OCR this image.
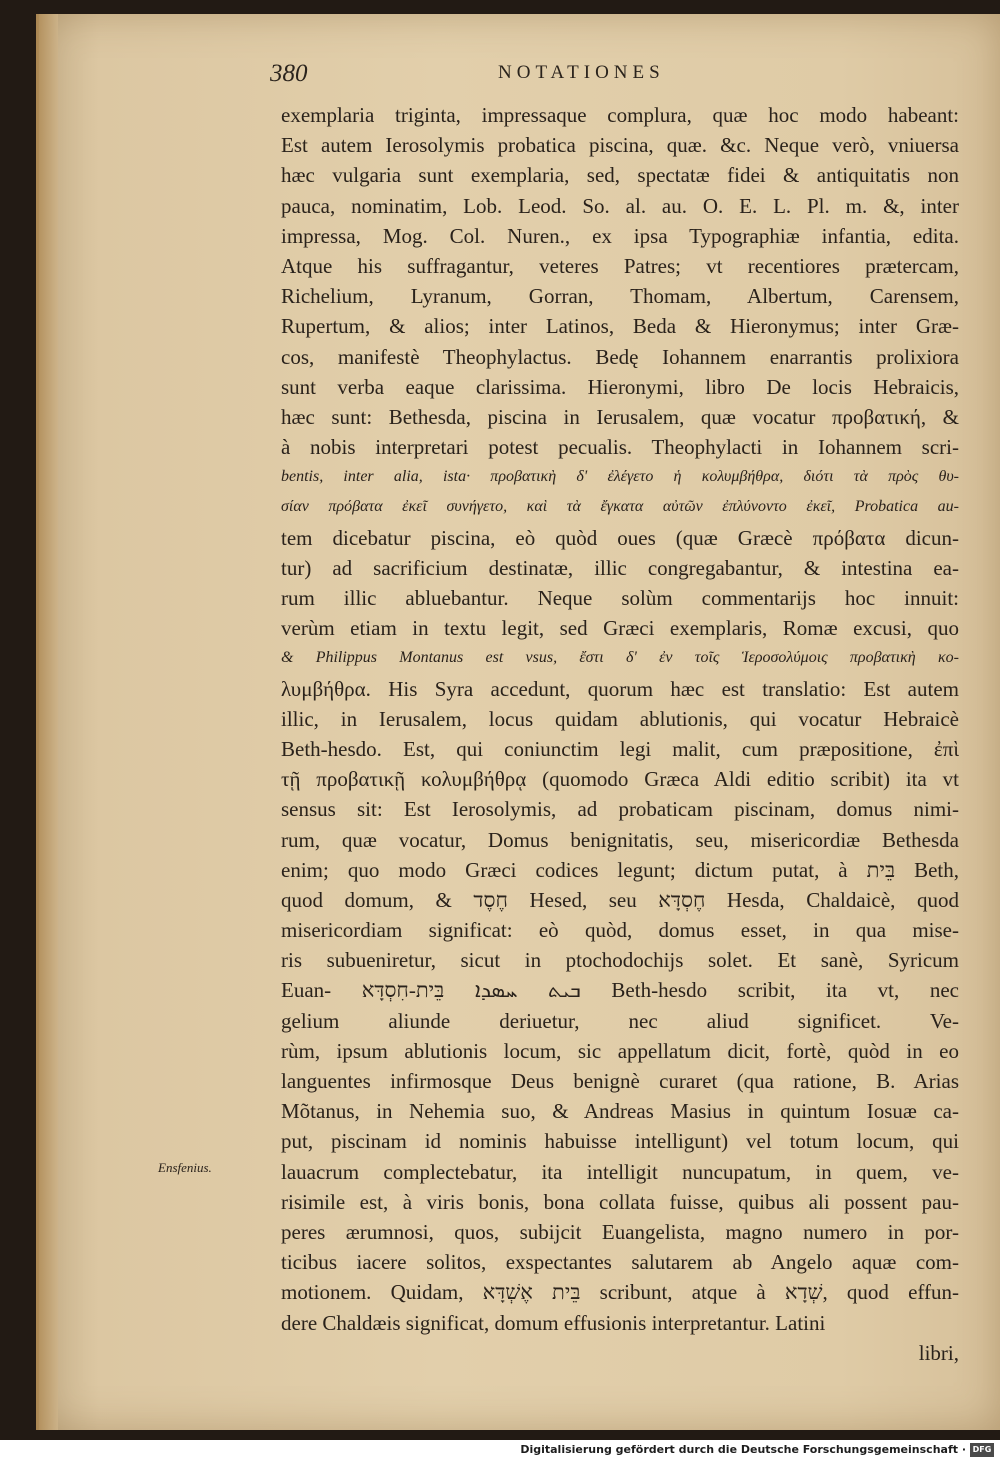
380	NOTATIONES
exemplaria triginta, impressaque complura, quæ hoc modo habeant:
Est autem Ierosolymis probatica piscina, quæ. &c. Neque verò, vniuersa
hæc vulgaria sunt exemplaria, sed, spectatæ fidei & antiquitatis non
pauca, nominatim, Lob. Leod. So. al. au. O. E. L. Pl. m. &, inter
impressa, Mog. Col. Nuren., ex ipsa Typographiæ infantia, edita.
Atque his suffragantur, veteres Patres; vt recentiores prætercam,
Richelium, Lyranum, Gorran, Thomam, Albertum, Carensem,
Rupertum, & alios; inter Latinos, Beda & Hieronymus; inter Græ-
cos, manifestè Theophylactus. Bedę Iohannem enarrantis prolixiora
sunt verba eaque clarissima. Hieronymi, libro De locis Hebraicis,
hæc sunt: Bethesda, piscina in Ierusalem, quæ vocatur προβατική, &
à nobis interpretari potest pecualis. Theophylacti in Iohannem scri-
bentis, inter alia, ista· προβατικὴ δ' ἐλέγετο ἡ κολυμβήθρα, διότι τὰ πρὸς θυ-
σίαν πρόβατα ἐκεῖ συνήγετο, καὶ τὰ ἔγκατα αὐτῶν ἐπλύνοντο ἐκεῖ, Probatica au-
tem dicebatur piscina, eò quòd oues (quæ Græcè πρόβατα dicun-
tur) ad sacrificium destinatæ, illic congregabantur, & intestina ea-
rum illic abluebantur. Neque solùm commentarijs hoc innuit:
verùm etiam in textu legit, sed Græci exemplaris, Romæ excusi, quo
& Philippus Montanus est vsus, ἔστι δ' ἐν τοῖς Ἱεροσολύμοις προβατικὴ κο-
λυμβήθρα. His Syra accedunt, quorum hæc est translatio: Est autem
illic, in Ierusalem, locus quidam ablutionis, qui vocatur Hebraicè
Beth-hesdo. Est, qui coniunctim legi malit, cum præpositione, ἐπὶ
τῇ προβατικῇ κολυμβήθρᾳ (quomodo Græca Aldi editio scribit) ita vt
sensus sit: Est Ierosolymis, ad probaticam piscinam, domus nimi-
rum, quæ vocatur, Domus benignitatis, seu, misericordiæ Bethesda
enim; quo modo Græci codices legunt; dictum putat, à בֵּית Beth,
quod domum, & חֶסֶד Hesed, seu חֶסְדָּא Hesda, Chaldaicè, quod
misericordiam significat: eò quòd, domus esset, in qua mise-
ris subueniretur, sicut in ptochodochijs solet. Et sanè, Syricum
Euan- ܒܝܬ ܚܣܕܐ בֵּית-חִסְדָּא Beth-hesdo scribit, ita vt, nec
gelium aliunde deriuetur, nec aliud significet. Ve-
rùm, ipsum ablutionis locum, sic appellatum dicit, fortè, quòd in eo
languentes infirmosque Deus benignè curaret (qua ratione, B. Arias
Mõtanus, in Nehemia suo, & Andreas Masius in quintum Iosuæ ca-
put, piscinam id nominis habuisse intelligunt) vel totum locum, qui
lauacrum complectebatur, ita intelligit nuncupatum, in quem, ve-
risimile est, à viris bonis, bona collata fuisse, quibus ali possent pau-
peres ærumnosi, quos, subijcit Euangelista, magno numero in por-
ticibus iacere solitos, exspectantes salutarem ab Angelo aquæ com-
motionem. Quidam, בֵּית אֶשְׁדָּא scribunt, atque à שְׁדָא, quod effun-
dere Chaldæis significat, domum effusionis interpretantur. Latini
libri,
Ensfenius.
Digitalisierung gefördert durch die Deutsche Forschungsgemeinschaft · DFG
